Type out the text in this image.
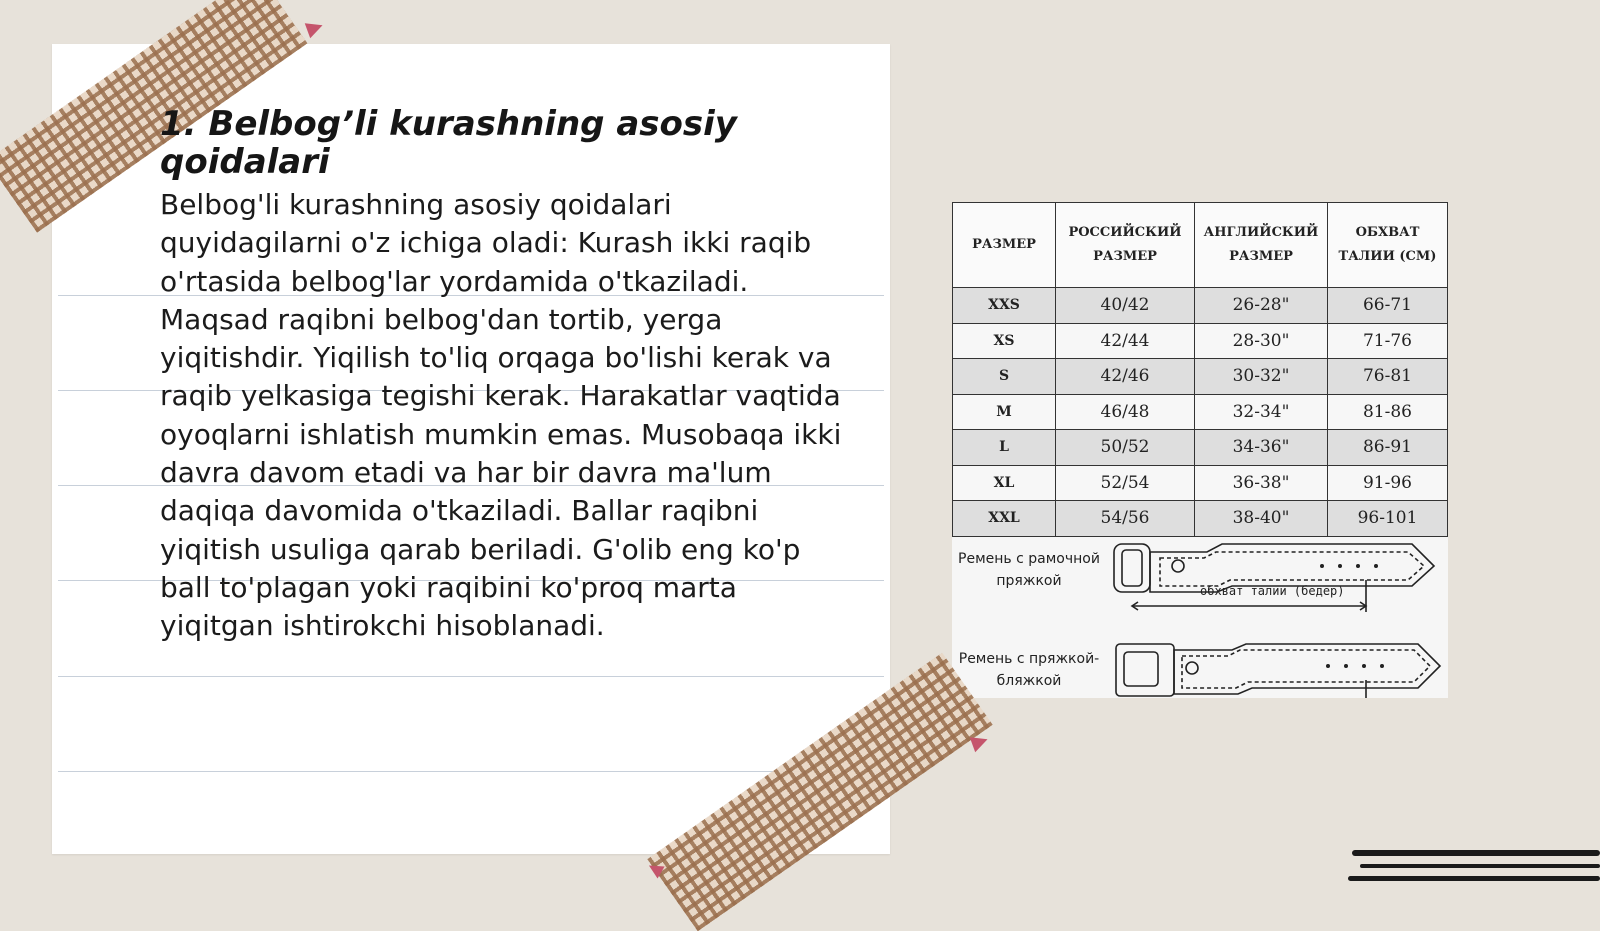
1. Belbog’li kurashning asosiy qoidalari

Belbog'li kurashning asosiy qoidalari quyidagilarni o'z ichiga oladi: Kurash ikki raqib o'rtasida belbog'lar yordamida o'tkaziladi. Maqsad raqibni belbog'dan tortib, yerga yiqitishdir. Yiqilish to'liq orqaga bo'lishi kerak va raqib yelkasiga tegishi kerak. Harakatlar vaqtida oyoqlarni ishlatish mumkin emas. Musobaqa ikki davra davom etadi va har bir davra ma'lum daqiqa davomida o'tkaziladi. Ballar raqibni yiqitish usuliga qarab beriladi. G'olib eng ko'p ball to'plagan yoki raqibini ko'proq marta yiqitgan ishtirokchi hisoblanadi.

РАЗМЕР	РОССИЙСКИЙ РАЗМЕР	АНГЛИЙСКИЙ РАЗМЕР	ОБХВАТ ТАЛИИ (СМ)
XXS	40/42	26-28"	66-71
XS	42/44	28-30"	71-76
S	42/46	30-32"	76-81
M	46/48	32-34"	81-86
L	50/52	34-36"	86-91
XL	52/54	36-38"	91-96
XXL	54/56	38-40"	96-101

Ремень с рамочной пряжкой

Ремень с пряжкой-бляжкой

обхват талии (бедер)
